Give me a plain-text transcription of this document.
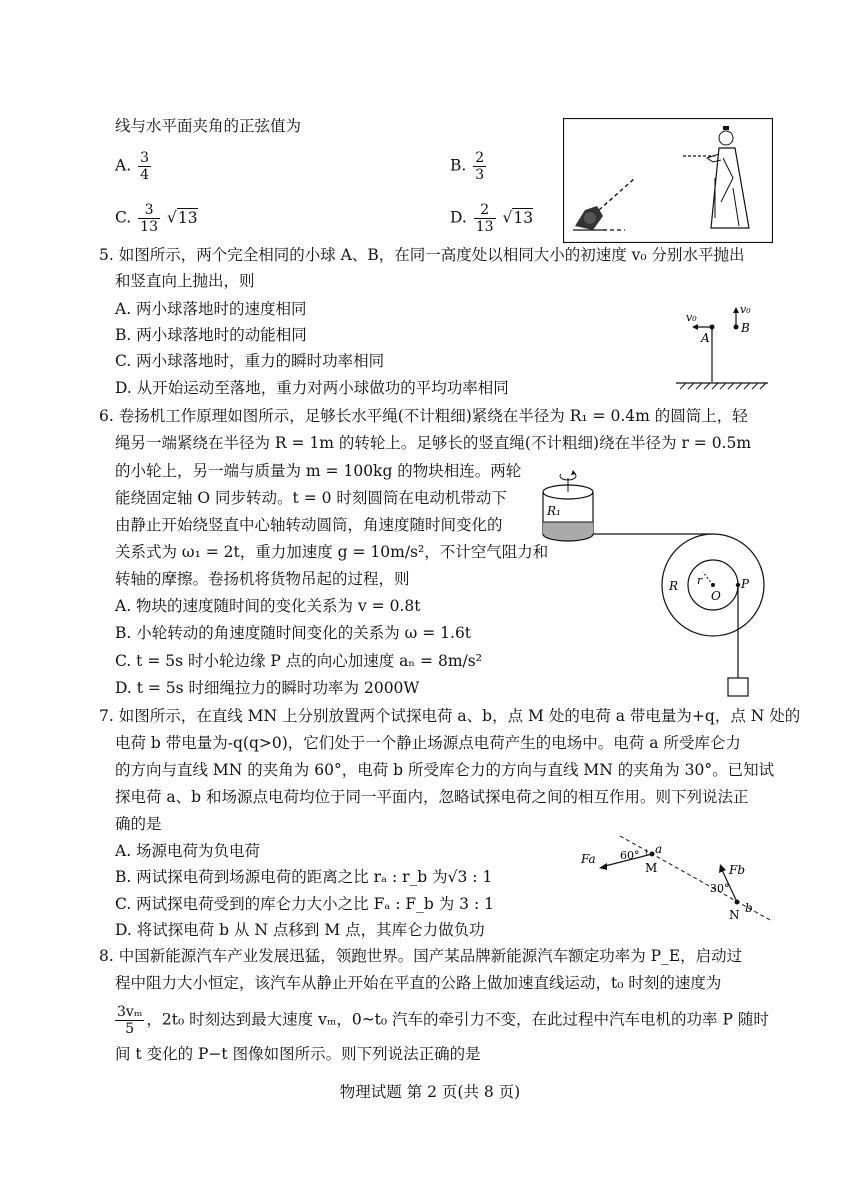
线与水平面夹角的正弦值为
A. $\frac{3}{4}$	B. $\frac{2}{3}$
C. $\frac{3}{13} √13$	D. $\frac{2}{13} √13$
5. 如图所示，两个完全相同的小球 A、B，在同一高度处以相同大小的初速度 v₀ 分别水平抛出
和竖直向上抛出，则
A. 两小球落地时的速度相同
B. 两小球落地时的动能相同
C. 两小球落地时，重力的瞬时功率相同
D. 从开始运动至落地，重力对两小球做功的平均功率相同
v₀
v₀
A
B
6. 卷扬机工作原理如图所示，足够长水平绳(不计粗细)紧绕在半径为 R₁ = 0.4m 的圆筒上，轻
绳另一端紧绕在半径为 R = 1m 的转轮上。足够长的竖直绳(不计粗细)绕在半径为 r = 0.5m
的小轮上，另一端与质量为 m = 100kg 的物块相连。两轮
能绕固定轴 O 同步转动。t = 0 时刻圆筒在电动机带动下
由静止开始绕竖直中心轴转动圆筒，角速度随时间变化的
关系式为 ω₁ = 2t，重力加速度 g = 10m/s²，不计空气阻力和
转轴的摩擦。卷扬机将货物吊起的过程，则
A. 物块的速度随时间的变化关系为 v = 0.8t
B. 小轮转动的角速度随时间变化的关系为 ω = 1.6t
C. t = 5s 时小轮边缘 P 点的向心加速度 aₙ = 8m/s²
D. t = 5s 时细绳拉力的瞬时功率为 2000W
R₁
R r
O
P
7. 如图所示，在直线 MN 上分别放置两个试探电荷 a、b，点 M 处的电荷 a 带电量为+q，点 N 处的
电荷 b 带电量为-q(q>0)，它们处于一个静止场源点电荷产生的电场中。电荷 a 所受库仑力
的方向与直线 MN 的夹角为 60°，电荷 b 所受库仑力的方向与直线 MN 的夹角为 30°。已知试
探电荷 a、b 和场源点电荷均位于同一平面内，忽略试探电荷之间的相互作用。则下列说法正
确的是
A. 场源电荷为负电荷
B. 两试探电荷到场源电荷的距离之比 rₐ : r_b 为√3 : 1
C. 两试探电荷受到的库仑力大小之比 Fₐ : F_b 为 3 : 1
D. 将试探电荷 b 从 N 点移到 M 点，其库仑力做负功
Fa 60° a
M	Fb
30°
N b
8. 中国新能源汽车产业发展迅猛，领跑世界。国产某品牌新能源汽车额定功率为 P_E，启动过
程中阻力大小恒定，该汽车从静止开始在平直的公路上做加速直线运动，t₀ 时刻的速度为
$\frac{\text{3vₘ}}{5}$ ，2t₀ 时刻达到最大速度 vₘ，0~t₀ 汽车的牵引力不变，在此过程中汽车电机的功率 P 随时
间 t 变化的 P−t 图像如图所示。则下列说法正确的是
物理试题 第 2 页(共 8 页)
